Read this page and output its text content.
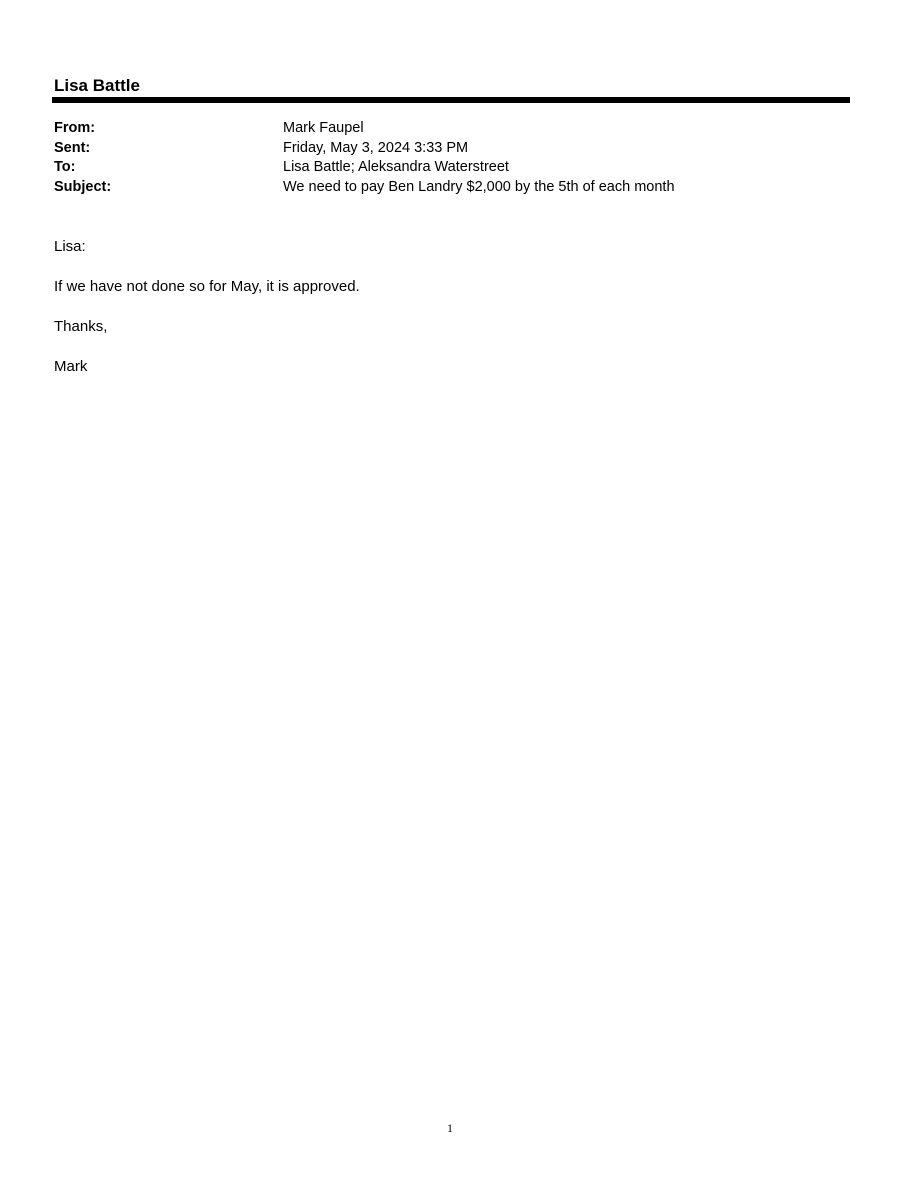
Lisa Battle
From:	Mark Faupel
Sent:	Friday, May 3, 2024 3:33 PM
To:	Lisa Battle; Aleksandra Waterstreet
Subject:	We need to pay Ben Landry $2,000 by the 5th of each month

Lisa:

If we have not done so for May, it is approved.

Thanks,

Mark

1
